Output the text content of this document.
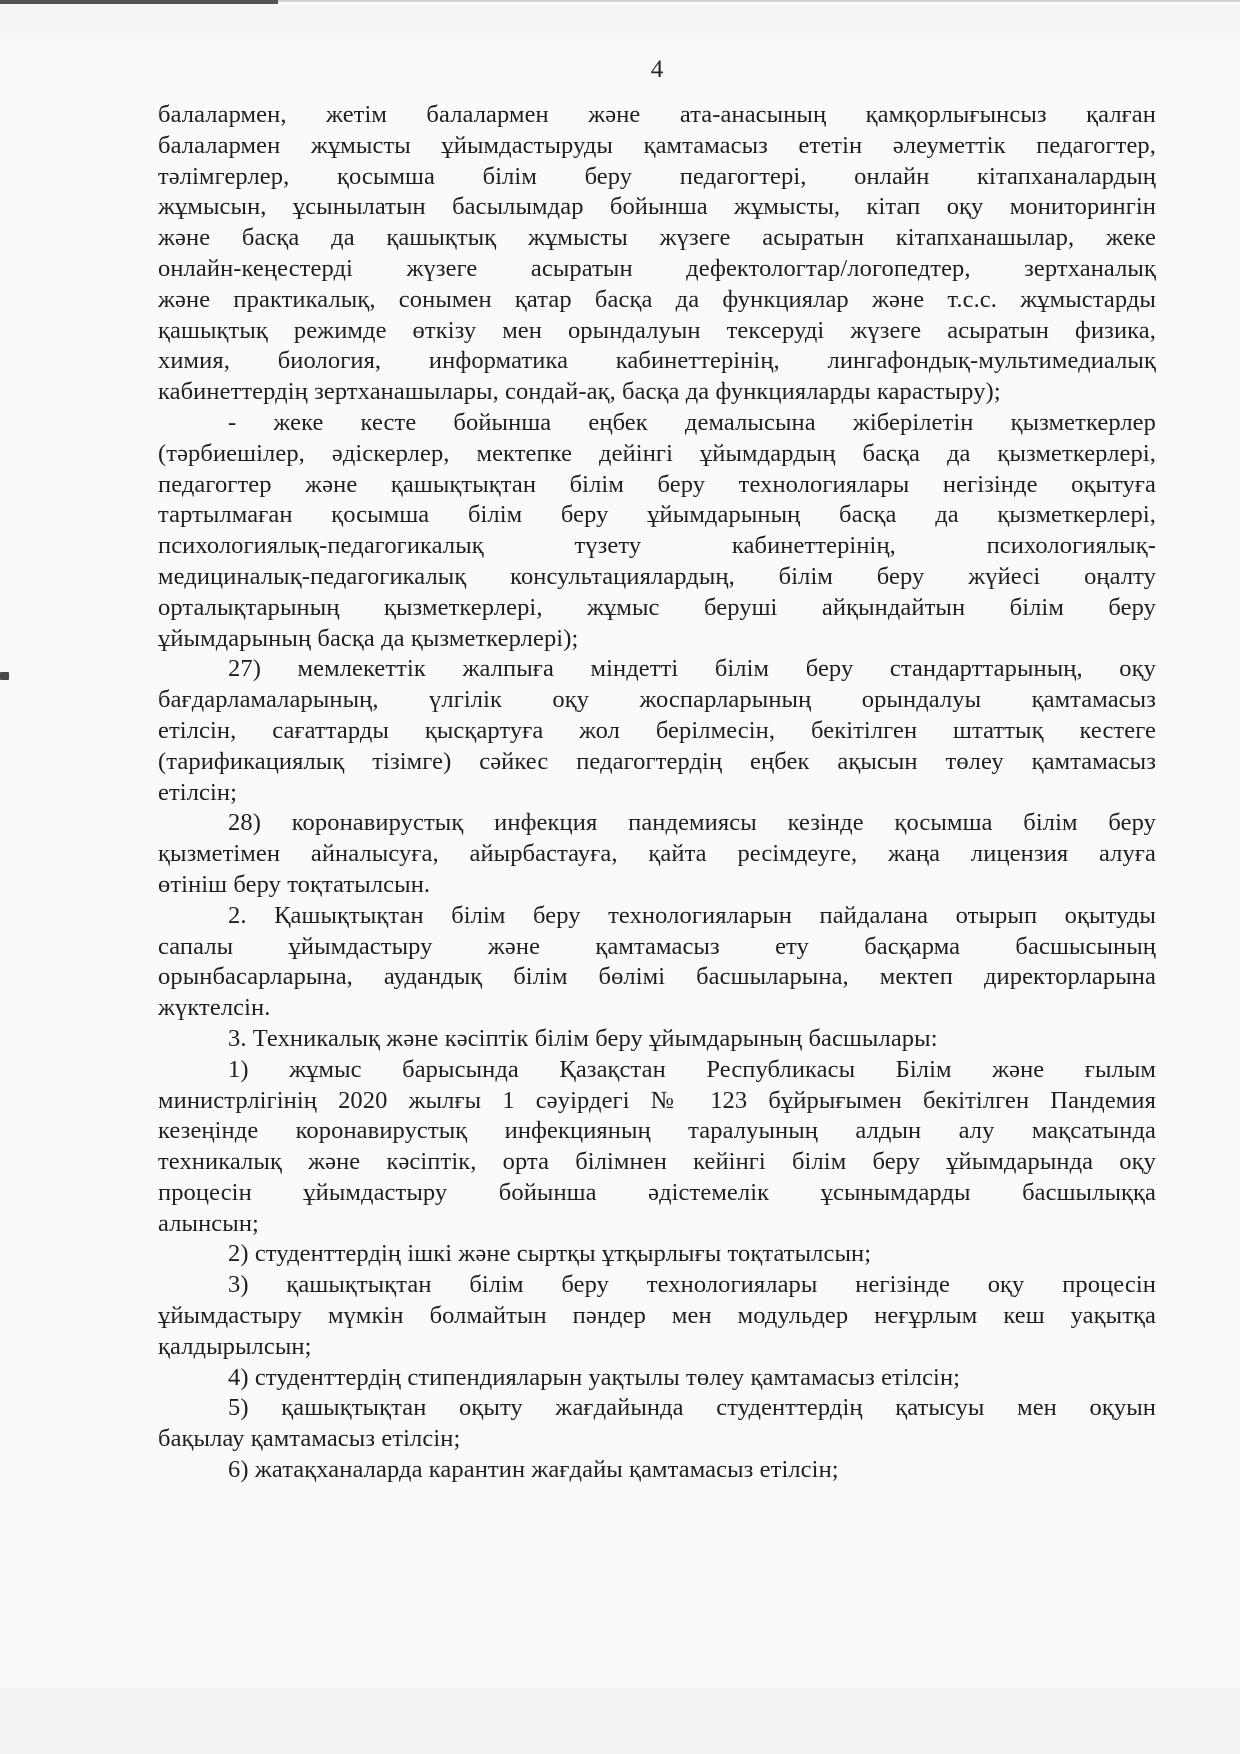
4
балалармен, жетім балалармен және ата-анасының қамқорлығынсыз қалған
балалармен жұмысты ұйымдастыруды қамтамасыз ететін әлеуметтік педагогтер,
тәлімгерлер, қосымша білім беру педагогтері, онлайн кітапханалардың
жұмысын, ұсынылатын басылымдар бойынша жұмысты, кітап оқу мониторингін
және басқа да қашықтық жұмысты жүзеге асыратын кітапханашылар, жеке
онлайн-кеңестерді жүзеге асыратын дефектологтар/логопедтер, зертханалық
және практикалық, сонымен қатар басқа да функциялар және т.с.с. жұмыстарды
қашықтық режимде өткізу мен орындалуын тексеруді жүзеге асыратын физика,
химия, биология, информатика кабинеттерінің, лингафондық-мультимедиалық
кабинеттердің зертханашылары, сондай-ақ, басқа да функцияларды карастыру);
- жеке кесте бойынша еңбек демалысына жіберілетін қызметкерлер
(тәрбиешілер, әдіскерлер, мектепке дейінгі ұйымдардың басқа да қызметкерлері,
педагогтер және қашықтықтан білім беру технологиялары негізінде оқытуға
тартылмаған қосымша білім беру ұйымдарының басқа да қызметкерлері,
психологиялық-педагогикалық түзету кабинеттерінің, психологиялық-
медициналық-педагогикалық консультациялардың, білім беру жүйесі оңалту
орталықтарының қызметкерлері, жұмыс беруші айқындайтын білім беру
ұйымдарының басқа да қызметкерлері);
27) мемлекеттік жалпыға міндетті білім беру стандарттарының, оқу
бағдарламаларының, үлгілік оқу жоспарларының орындалуы қамтамасыз
етілсін, сағаттарды қысқартуға жол берілмесін, бекітілген штаттық кестеге
(тарификациялық тізімге) сәйкес педагогтердің еңбек ақысын төлеу қамтамасыз
етілсін;
28) коронавирустық инфекция пандемиясы кезінде қосымша білім беру
қызметімен айналысуға, айырбастауға, қайта ресімдеуге, жаңа лицензия алуға
өтініш беру тоқтатылсын.
2. Қашықтықтан білім беру технологияларын пайдалана отырып оқытуды
сапалы ұйымдастыру және қамтамасыз ету басқарма басшысының
орынбасарларына, аудандық білім бөлімі басшыларына, мектеп директорларына
жүктелсін.
3. Техникалық және кәсіптік білім беру ұйымдарының басшылары:
1) жұмыс барысында Қазақстан Республикасы Білім және ғылым
министрлігінің 2020 жылғы 1 сәуірдегі № 123 бұйрығымен бекітілген Пандемия
кезеңінде коронавирустық инфекцияның таралуының алдын алу мақсатында
техникалық және кәсіптік, орта білімнен кейінгі білім беру ұйымдарында оқу
процесін ұйымдастыру бойынша әдістемелік ұсынымдарды басшылыққа
алынсын;
2) студенттердің ішкі және сыртқы ұтқырлығы тоқтатылсын;
3) қашықтықтан білім беру технологиялары негізінде оқу процесін
ұйымдастыру мүмкін болмайтын пәндер мен модульдер неғұрлым кеш уақытқа
қалдырылсын;
4) студенттердің стипендияларын уақтылы төлеу қамтамасыз етілсін;
5) қашықтықтан оқыту жағдайында студенттердің қатысуы мен оқуын
бақылау қамтамасыз етілсін;
6) жатақханаларда карантин жағдайы қамтамасыз етілсін;
